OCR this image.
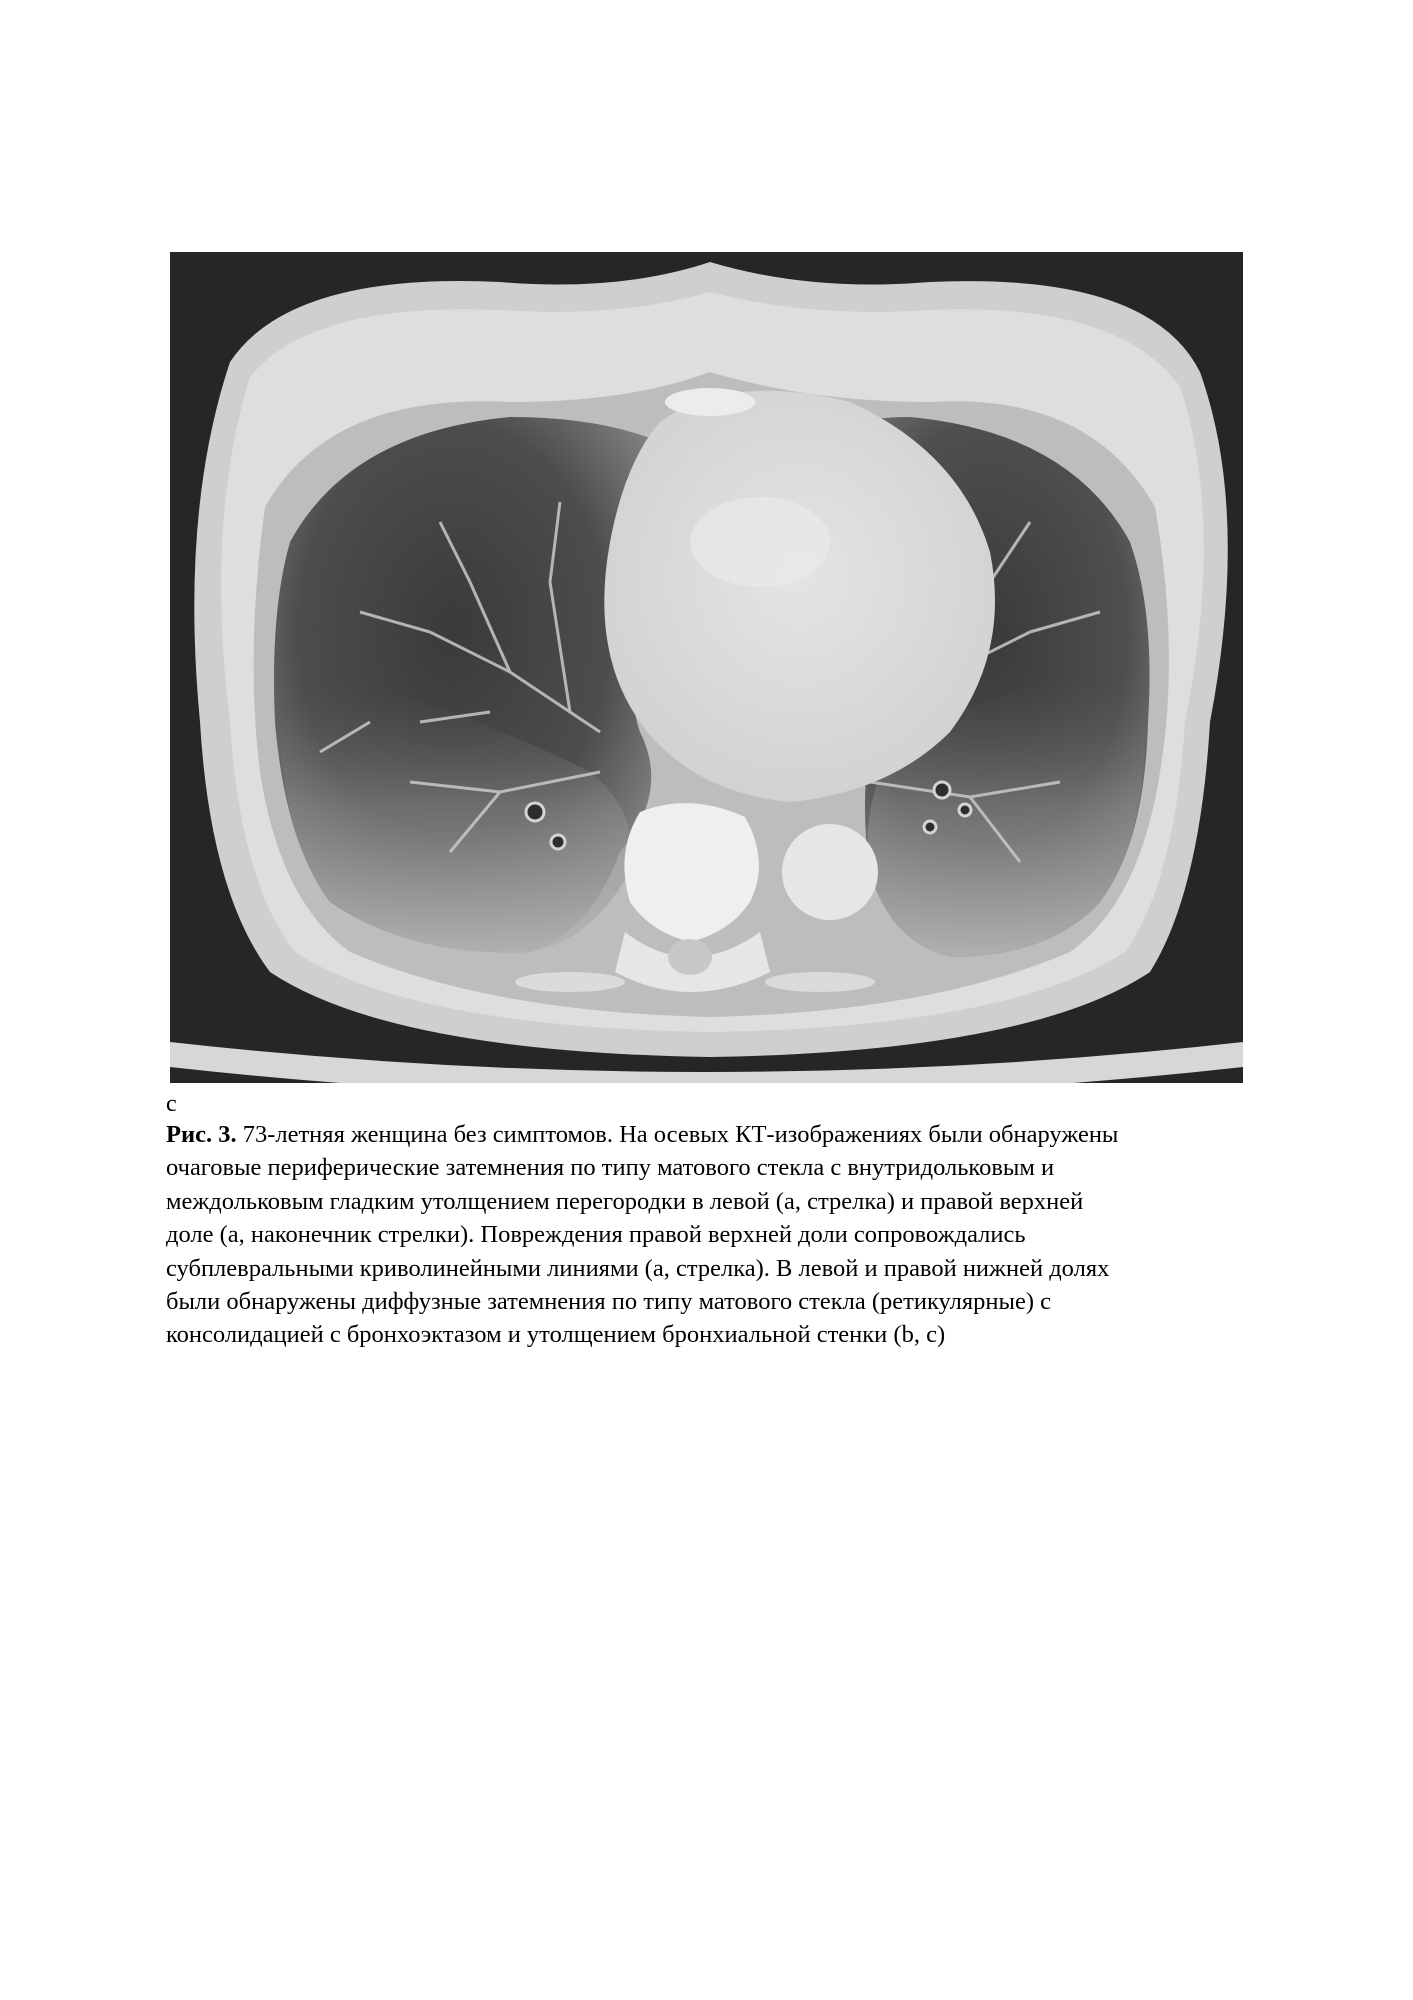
с
Рис. 3. 73-летняя женщина без симптомов. На осевых КТ-изображениях были обнаружены
очаговые периферические затемнения по типу матового стекла с внутридольковым и
междольковым гладким утолщением перегородки в левой (а, стрелка) и правой верхней
доле (а, наконечник стрелки). Повреждения правой верхней доли сопровождались
субплевральными криволинейными линиями (а, стрелка). В левой и правой нижней долях
были обнаружены диффузные затемнения по типу матового стекла (ретикулярные) с
консолидацией с бронхоэктазом и утолщением бронхиальной стенки (b, с)
